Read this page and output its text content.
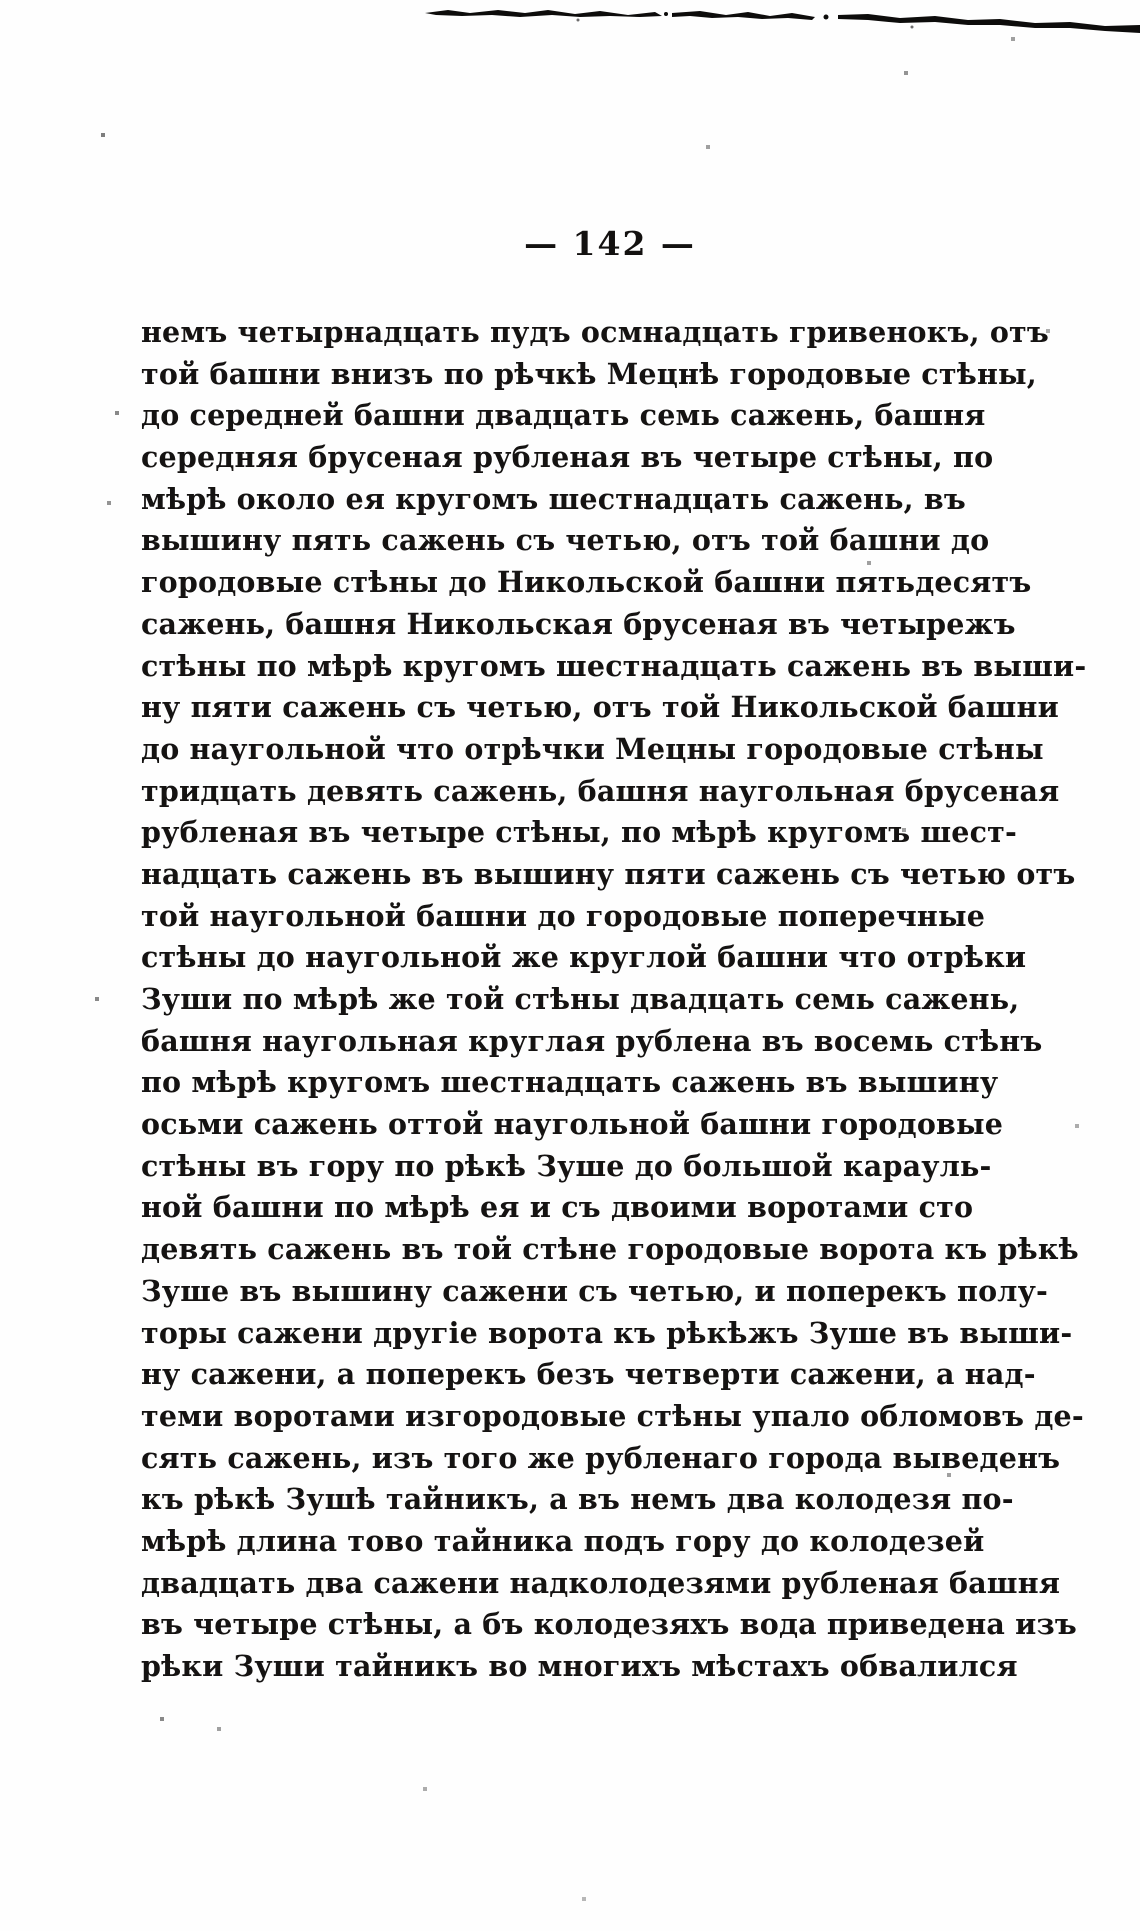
— 142 —
немъ четырнадцать пудъ осмнадцать гривенокъ, отъ
той башни внизъ по рѣчкѣ Мецнѣ городовые стѣны,
до середней башни двадцать семь сажень, башня
середняя брусеная рубленая въ четыре стѣны, по
мѣрѣ около ея кругомъ шестнадцать сажень, въ
вышину пять сажень съ четью, отъ той башни до
городовые стѣны до Никольской башни пятьдесятъ
сажень, башня Никольская брусеная въ четырежъ
стѣны по мѣрѣ кругомъ шестнадцать сажень въ выши-
ну пяти сажень съ четью, отъ той Никольской башни
до наугольной что отрѣчки Мецны городовые стѣны
тридцать девять сажень, башня наугольная брусеная
рубленая въ четыре стѣны, по мѣрѣ кругомъ шест-
надцать сажень въ вышину пяти сажень съ четью отъ
той наугольной башни до городовые поперечные
стѣны до наугольной же круглой башни что отрѣки
Зуши по мѣрѣ же той стѣны двадцать семь сажень,
башня наугольная круглая рублена въ восемь стѣнъ
по мѣрѣ кругомъ шестнадцать сажень въ вышину
осьми сажень оттой наугольной башни городовые
стѣны въ гору по рѣкѣ Зуше до большой карауль-
ной башни по мѣрѣ ея и съ двоими воротами сто
девять сажень въ той стѣне городовые ворота къ рѣкѣ
Зуше въ вышину сажени съ четью, и поперекъ полу-
торы сажени другіе ворота къ рѣкѣжъ Зуше въ выши-
ну сажени, а поперекъ безъ четверти сажени, а над-
теми воротами изгородовые стѣны упало обломовъ де-
сять сажень, изъ того же рубленаго города выведенъ
къ рѣкѣ Зушѣ тайникъ, а въ немъ два колодезя по-
мѣрѣ длина тово тайника подъ гору до колодезей
двадцать два сажени надколодезями рубленая башня
въ четыре стѣны, а бъ колодезяхъ вода приведена изъ
рѣки Зуши тайникъ во многихъ мѣстахъ обвалился
